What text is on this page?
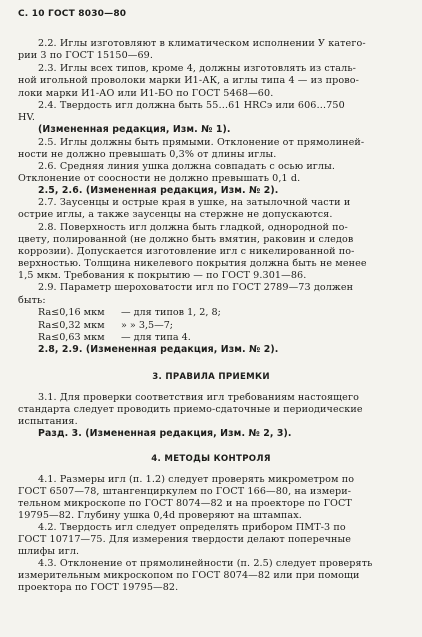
С. 10 ГОСТ 8030—80
2.2. Иглы изготовляют в климатическом исполнении У катего-
рии 3 по ГОСТ 15150—69.
2.3. Иглы всех типов, кроме 4, должны изготовлять из сталь-
ной игольной проволоки марки И1-АК, а иглы типа 4 — из прово-
локи марки И1-АО или И1-БО по ГОСТ 5468—60.
2.4. Твердость игл должна быть 55…61 HRCэ или 606…750
HV.
(Измененная редакция, Изм. № 1).
2.5. Иглы должны быть прямыми. Отклонение от прямолиней-
ности не должно превышать 0,3% от длины иглы.
2.6. Средняя линия ушка должна совпадать с осью иглы.
Отклонение от соосности не должно превышать 0,1 d.
2.5, 2.6. (Измененная редакция, Изм. № 2).
2.7. Заусенцы и острые края в ушке, на затылочной части и
острие иглы, а также заусенцы на стержне не допускаются.
2.8. Поверхность игл должна быть гладкой, однородной по-
цвету, полированной (не должно быть вмятин, раковин и следов
коррозии). Допускается изготовление игл с никелированной по-
верхностью. Толщина никелевого покрытия должна быть не менее
1,5 мкм. Требования к покрытию — по ГОСТ 9.301—86.
2.9. Параметр шероховатости игл по ГОСТ 2789—73 должен
быть:
Ra≤0,16 мкм — для типов 1, 2, 8;
Ra≤0,32 мкм » » 3,5—7;
Ra≤0,63 мкм — для типа 4.
2.8, 2.9. (Измененная редакция, Изм. № 2).
3. ПРАВИЛА ПРИЕМКИ
3.1. Для проверки соответствия игл требованиям настоящего
стандарта следует проводить приемо-сдаточные и периодические
испытания.
Разд. 3. (Измененная редакция, Изм. № 2, 3).
4. МЕТОДЫ КОНТРОЛЯ
4.1. Размеры игл (п. 1.2) следует проверять микрометром по
ГОСТ 6507—78, штангенциркулем по ГОСТ 166—80, на измери-
тельном микроскопе по ГОСТ 8074—82 и на проекторе по ГОСТ
19795—82. Глубину ушка 0,4d проверяют на штампах.
4.2. Твердость игл следует определять прибором ПМТ-3 по
ГОСТ 10717—75. Для измерения твердости делают поперечные
шлифы игл.
4.3. Отклонение от прямолинейности (п. 2.5) следует проверять
измерительным микроскопом по ГОСТ 8074—82 или при помощи
проектора по ГОСТ 19795—82.
